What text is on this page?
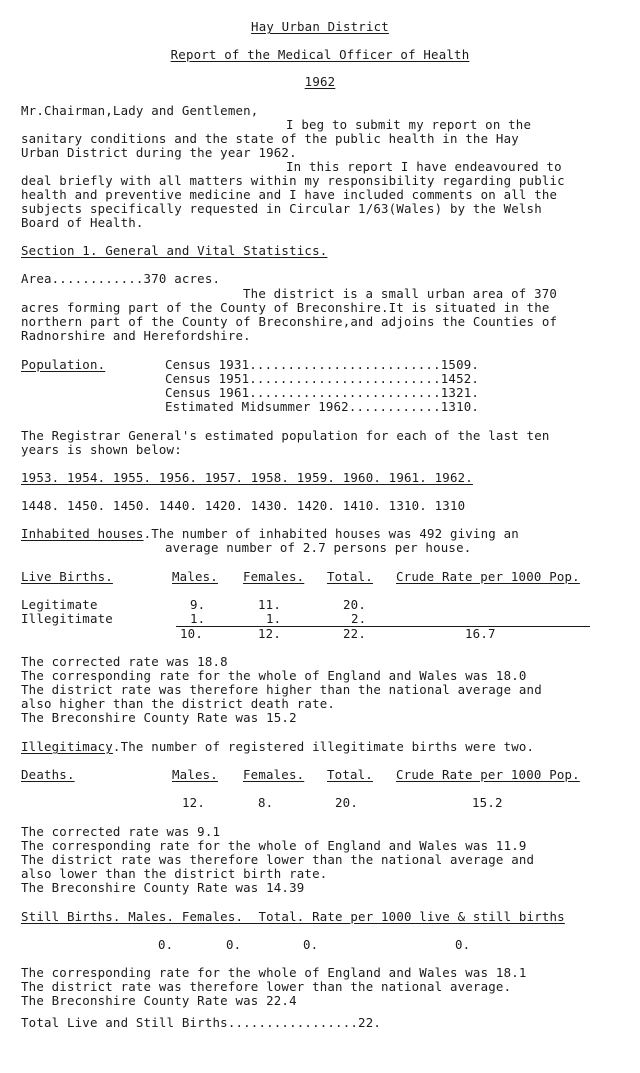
Hay Urban District
Report of the Medical Officer of Health
1962
Mr.Chairman,Lady and Gentlemen,
I beg to submit my report on the
sanitary conditions and the state of the public health in the Hay
Urban District during the year 1962.
In this report I have endeavoured to
deal briefly with all matters within my responsibility regarding public
health and preventive medicine and I have included comments on all the
subjects specifically requested in Circular 1/63(Wales) by the Welsh
Board of Health.
Section 1. General and Vital Statistics.
Area............370 acres.
The district is a small urban area of 370
acres forming part of the County of Breconshire.It is situated in the
northern part of the County of Breconshire,and adjoins the Counties of
Radnorshire and Herefordshire.
Population.	Census 1931.........................1509.
Census 1951.........................1452.
Census 1961.........................1321.
Estimated Midsummer 1962............1310.
The Registrar General's estimated population for each of the last ten
years is shown below:
1953. 1954. 1955. 1956. 1957. 1958. 1959. 1960. 1961. 1962.
1448. 1450. 1450. 1440. 1420. 1430. 1420. 1410. 1310. 1310
Inhabited houses.The number of inhabited houses was 492 giving an
average number of 2.7 persons per house.
Live Births.	Males. Females. Total. Crude Rate per 1000 Pop.
Legitimate	9.	11.	20.
Illegitimate	1.	1.	2.
10.	12.	22.	16.7
The corrected rate was 18.8
The corresponding rate for the whole of England and Wales was 18.0
The district rate was therefore higher than the national average and
also higher than the district death rate.
The Breconshire County Rate was 15.2
Illegitimacy.The number of registered illegitimate births were two.
Deaths.	Males. Females. Total. Crude Rate per 1000 Pop.
12.	8.	20.	15.2
The corrected rate was 9.1
The corresponding rate for the whole of England and Wales was 11.9
The district rate was therefore lower than the national average and
also lower than the district birth rate.
The Breconshire County Rate was 14.39
Still Births. Males. Females.  Total. Rate per 1000 live & still births
0.	0.	0.	0.
The corresponding rate for the whole of England and Wales was 18.1
The district rate was therefore lower than the national average.
The Breconshire County Rate was 22.4
Total Live and Still Births.................22.
